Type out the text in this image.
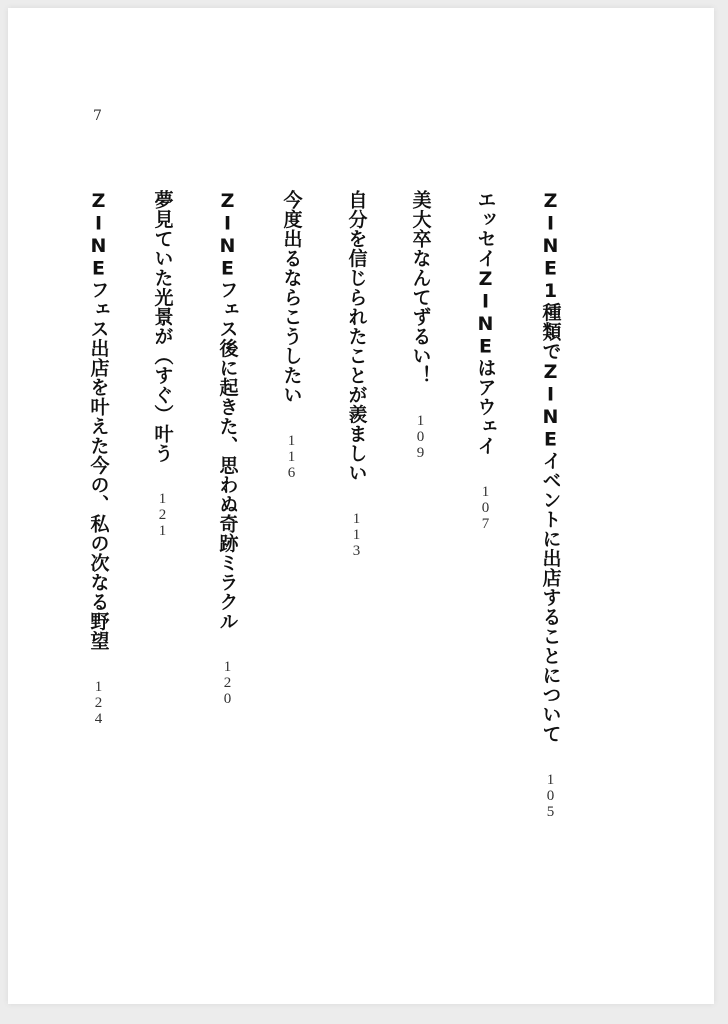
7
ZINE1種類でZINEイベントに出店することについて
105
エッセイZINEはアウェイ
107
美大卒なんてずるい！
109
自分を信じられたことが羨ましい
113
今度出るならこうしたい
116
ZINEフェス後に起きた、思わぬ奇跡ミラクル
120
夢見ていた光景が（すぐ）叶う
121
ZINEフェス出店を叶えた今の、私の次なる野望
124
